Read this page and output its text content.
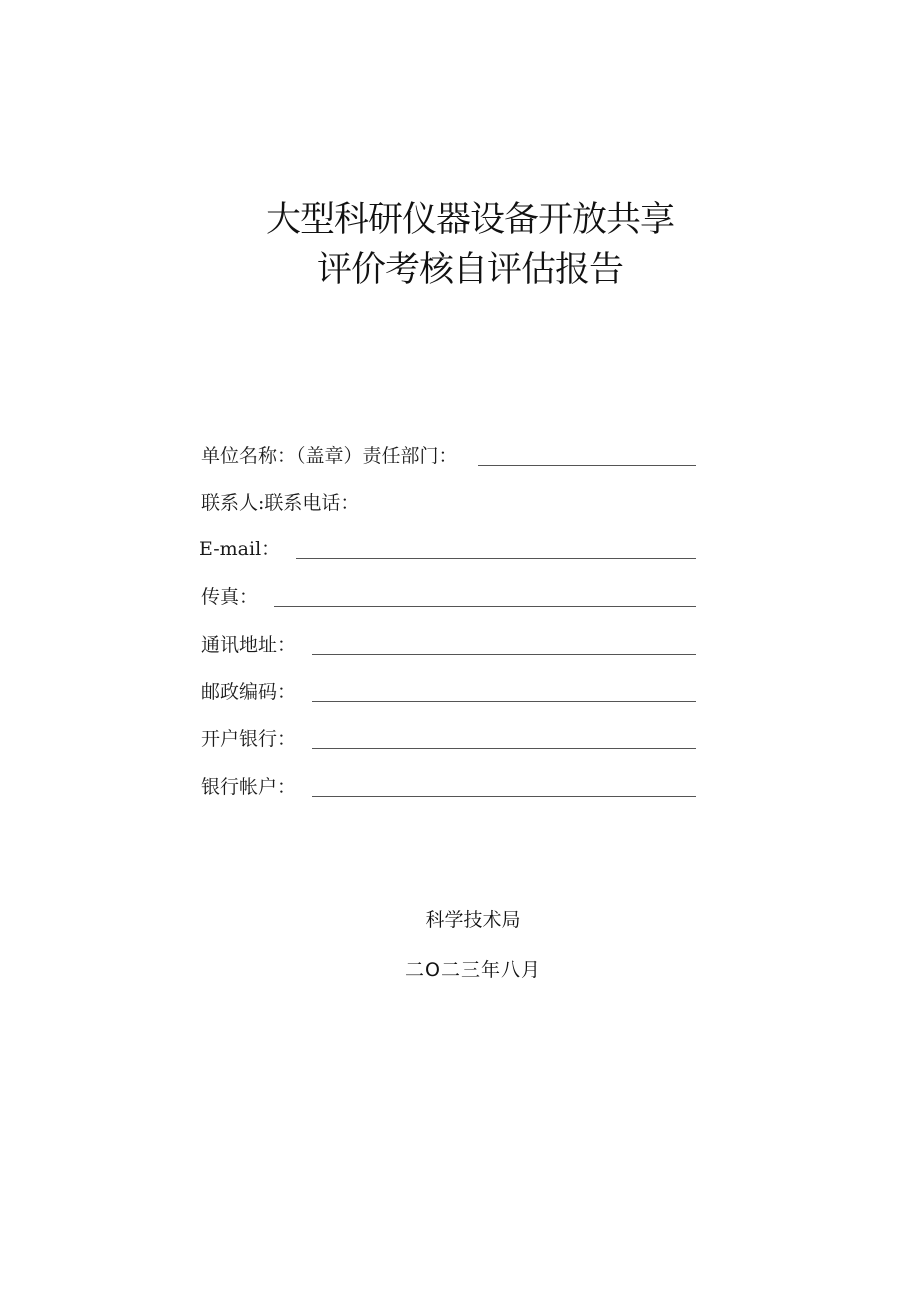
大型科研仪器设备开放共享
评价考核自评估报告
单位名称：（盖章）责任部门：
联系人:联系电话：
E-mail：
传真：
通讯地址：
邮政编码：
开户银行：
银行帐户：
科学技术局
二O二三年八月
